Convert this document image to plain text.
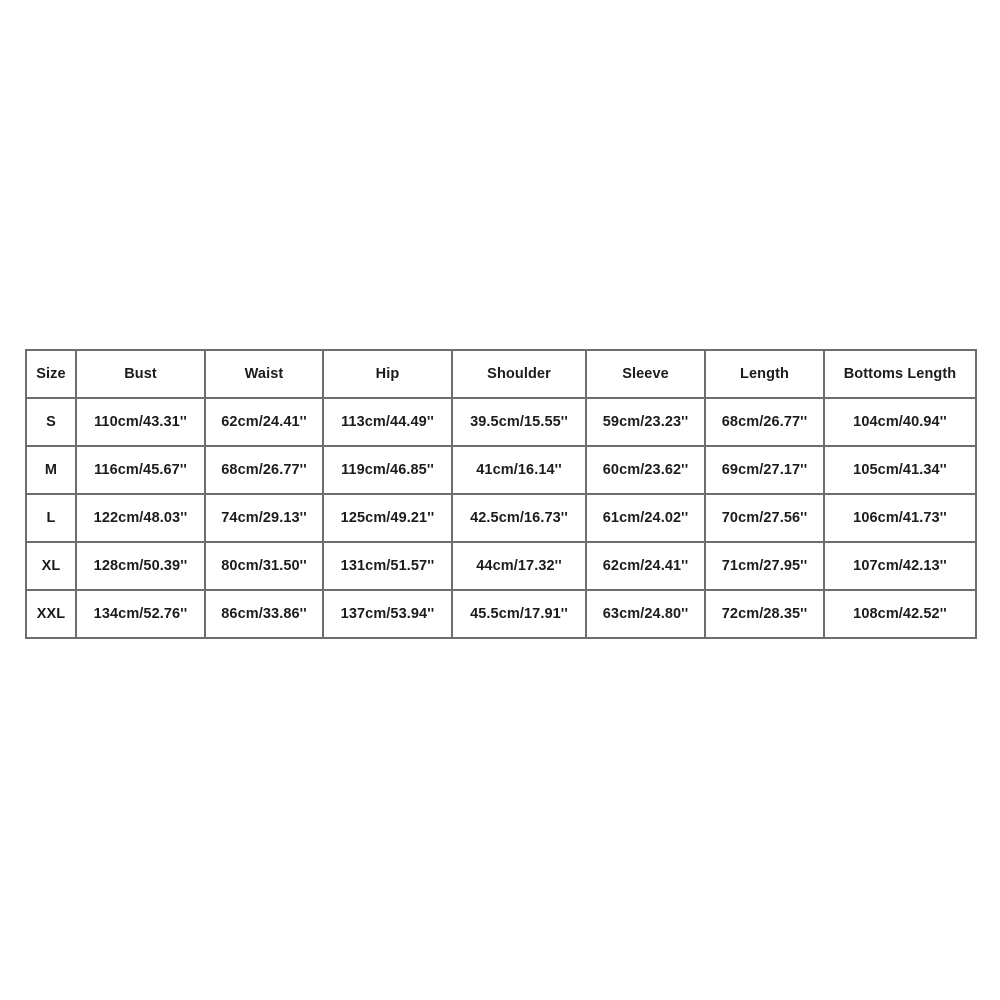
Size	Bust	Waist	Hip	Shoulder	Sleeve	Length	Bottoms Length
S	110cm/43.31''	62cm/24.41''	113cm/44.49''	39.5cm/15.55''	59cm/23.23''	68cm/26.77''	104cm/40.94''
M	116cm/45.67''	68cm/26.77''	119cm/46.85''	41cm/16.14''	60cm/23.62''	69cm/27.17''	105cm/41.34''
L	122cm/48.03''	74cm/29.13''	125cm/49.21''	42.5cm/16.73''	61cm/24.02''	70cm/27.56''	106cm/41.73''
XL	128cm/50.39''	80cm/31.50''	131cm/51.57''	44cm/17.32''	62cm/24.41''	71cm/27.95''	107cm/42.13''
XXL	134cm/52.76''	86cm/33.86''	137cm/53.94''	45.5cm/17.91''	63cm/24.80''	72cm/28.35''	108cm/42.52''
